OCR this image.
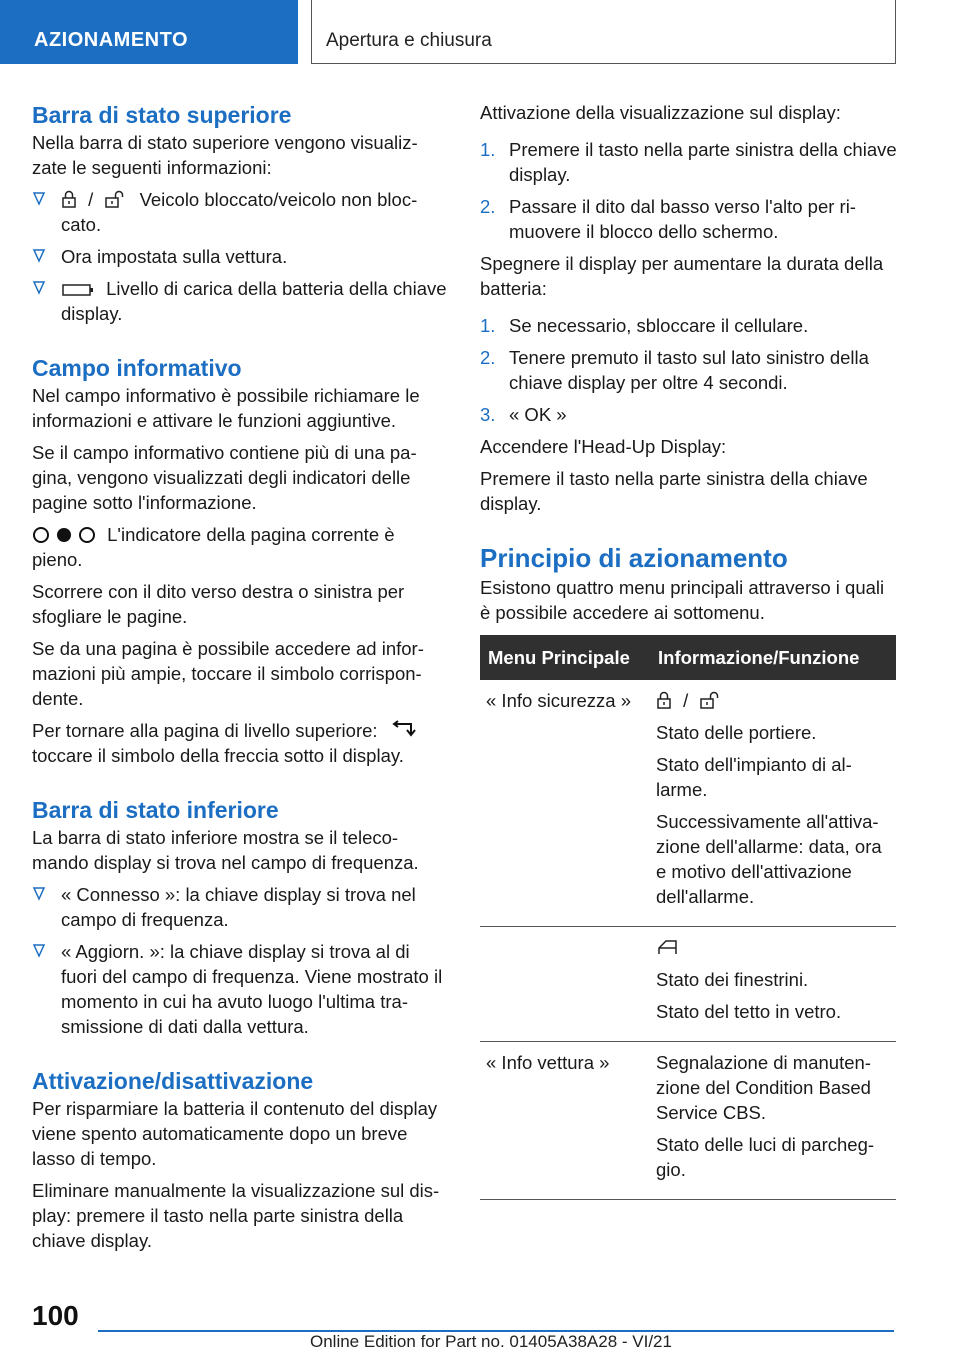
AZIONAMENTO	Apertura e chiusura
Barra di stato superiore

Nella barra di stato superiore vengono visualiz-zate le seguenti informazioni:

/	Veicolo bloccato/veicolo non bloc-cato.
Ora impostata sulla vettura.
Livello di carica della batteria della chiave display.
Campo informativo

Nel campo informativo è possibile richiamare le informazioni e attivare le funzioni aggiuntive.

Se il campo informativo contiene più di una pa-gina, vengono visualizzati degli indicatori delle pagine sotto l'informazione.

L'indicatore della pagina corrente è pieno.

Scorrere con il dito verso destra o sinistra per sfogliare le pagine.

Se da una pagina è possibile accedere ad infor-mazioni più ampie, toccare il simbolo corrispon-dente.

Per tornare alla pagina di livello superiore:
toccare il simbolo della freccia sotto il display.

Barra di stato inferiore

La barra di stato inferiore mostra se il teleco-mando display si trova nel campo di frequenza.

« Connesso »: la chiave display si trova nel campo di frequenza.
« Aggiorn. »: la chiave display si trova al di fuori del campo di frequenza. Viene mostrato il momento in cui ha avuto luogo l'ultima tra-smissione di dati dalla vettura.
Attivazione/disattivazione

Per risparmiare la batteria il contenuto del display viene spento automaticamente dopo un breve lasso di tempo.

Eliminare manualmente la visualizzazione sul dis-play: premere il tasto nella parte sinistra della chiave display.

Attivazione della visualizzazione sul display:

1. Premere il tasto nella parte sinistra della chiave display.
2. Passare il dito dal basso verso l'alto per ri-muovere il blocco dello schermo.

Spegnere il display per aumentare la durata della batteria:

1. Se necessario, sbloccare il cellulare.
2. Tenere premuto il tasto sul lato sinistro della chiave display per oltre 4 secondi.
3. « OK »

Accendere l'Head-Up Display:

Premere il tasto nella parte sinistra della chiave display.

Principio di azionamento

Esistono quattro menu principali attraverso i quali è possibile accedere ai sottomenu.

Menu Principale	Informazione/Funzione
« Info sicurezza »	/

Stato delle portiere.

Stato dell'impianto di al-larme.

Successivamente all'attiva-zione dell'allarme: data, ora e motivo dell'attivazione dell'allarme.

	Stato dei finestrini.

Stato del tetto in vetro.

« Info vettura »	Segnalazione di manuten-zione del Condition Based Service CBS.

Stato delle luci di parcheg-gio.

100
Online Edition for Part no. 01405A38A28 - VI/21
